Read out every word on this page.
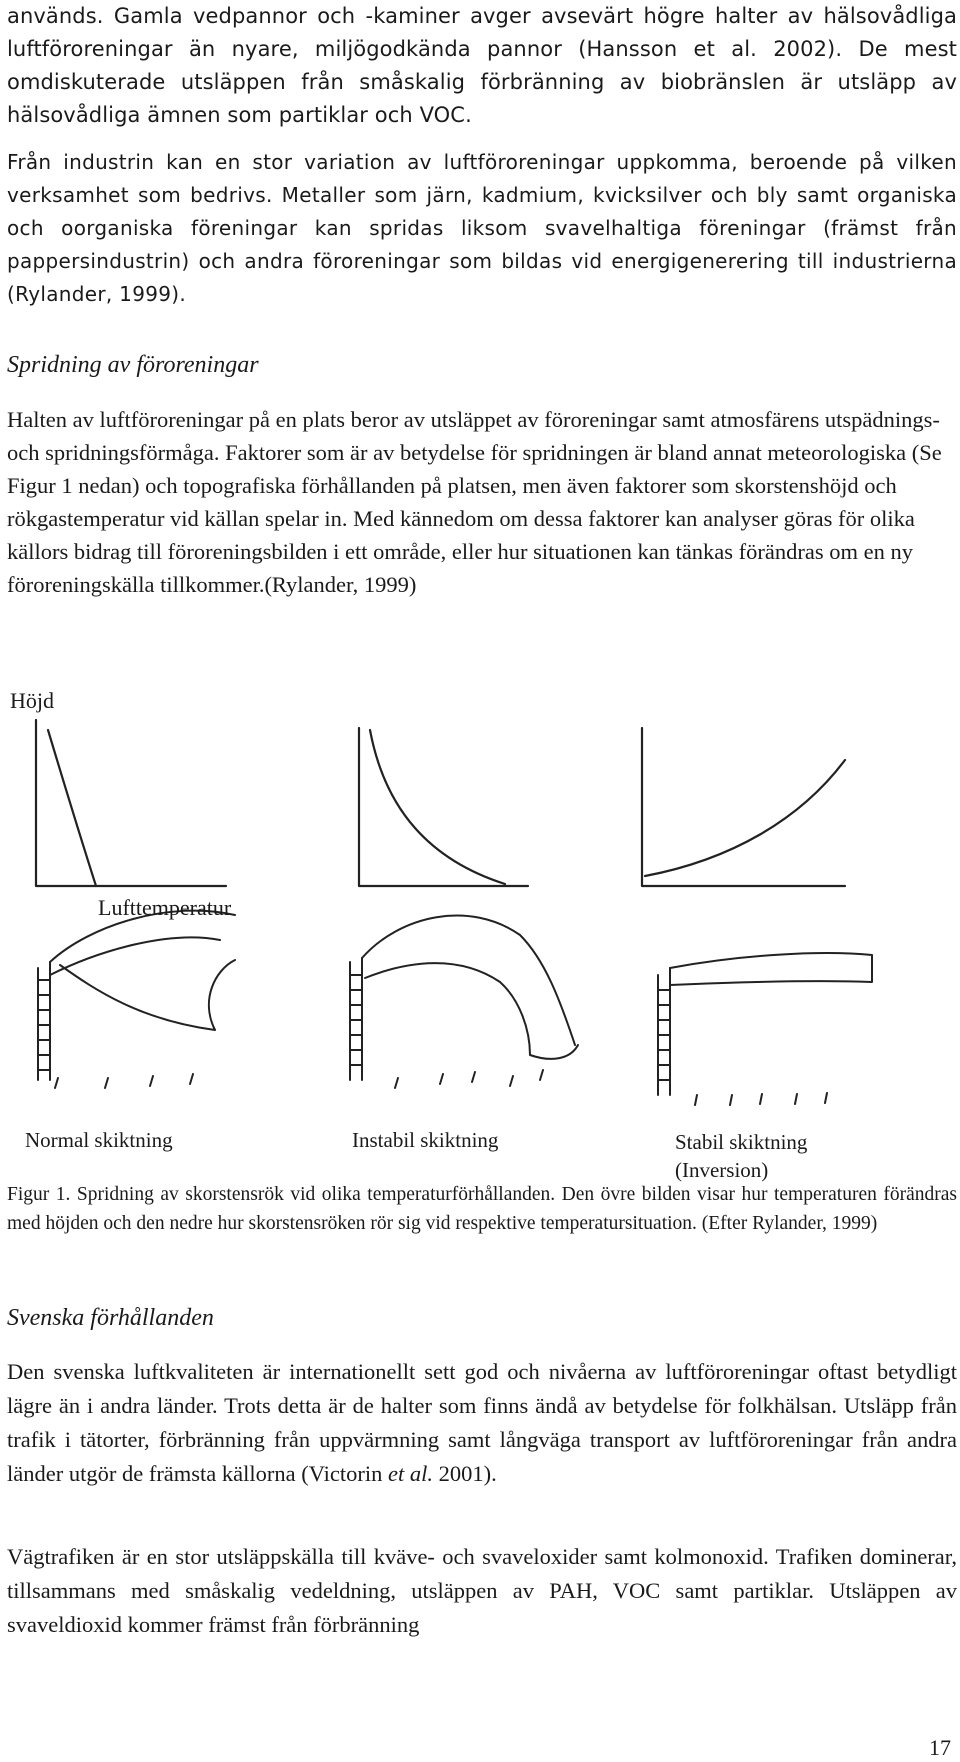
används. Gamla vedpannor och -kaminer avger avsevärt högre halter av hälsovådliga luftföroreningar än nyare, miljögodkända pannor (Hansson et al. 2002). De mest omdiskuterade utsläppen från småskalig förbränning av biobränslen är utsläpp av hälsovådliga ämnen som partiklar och VOC.

Från industrin kan en stor variation av luftföroreningar uppkomma, beroende på vilken verksamhet som bedrivs. Metaller som järn, kadmium, kvicksilver och bly samt organiska och oorganiska föreningar kan spridas liksom svavelhaltiga föreningar (främst från pappersindustrin) och andra föroreningar som bildas vid energigenerering till industrierna (Rylander, 1999).

Spridning av föroreningar

Halten av luftföroreningar på en plats beror av utsläppet av föroreningar samt atmosfärens utspädnings- och spridningsförmåga. Faktorer som är av betydelse för spridningen är bland annat meteorologiska (Se Figur 1 nedan) och topografiska förhållanden på platsen, men även faktorer som skorstenshöjd och rökgastemperatur vid källan spelar in. Med kännedom om dessa faktorer kan analyser göras för olika källors bidrag till föroreningsbilden i ett område, eller hur situationen kan tänkas förändras om en ny föroreningskälla tillkommer.(Rylander, 1999)

Höjd
Lufttemperatur
Normal skiktning	Instabil skiktning	Stabil skiktning
(Inversion)

Figur 1. Spridning av skorstensrök vid olika temperaturförhållanden. Den övre bilden visar hur temperaturen förändras med höjden och den nedre hur skorstensröken rör sig vid respektive temperatursituation. (Efter Rylander, 1999)

Svenska förhållanden

Den svenska luftkvaliteten är internationellt sett god och nivåerna av luftföroreningar oftast betydligt lägre än i andra länder. Trots detta är de halter som finns ändå av betydelse för folkhälsan. Utsläpp från trafik i tätorter, förbränning från uppvärmning samt långväga transport av luftföroreningar från andra länder utgör de främsta källorna (Victorin et al. 2001).

Vägtrafiken är en stor utsläppskälla till kväve- och svaveloxider samt kolmonoxid. Trafiken dominerar, tillsammans med småskalig vedeldning, utsläppen av PAH, VOC samt partiklar. Utsläppen av svaveldioxid kommer främst från förbränning

17
